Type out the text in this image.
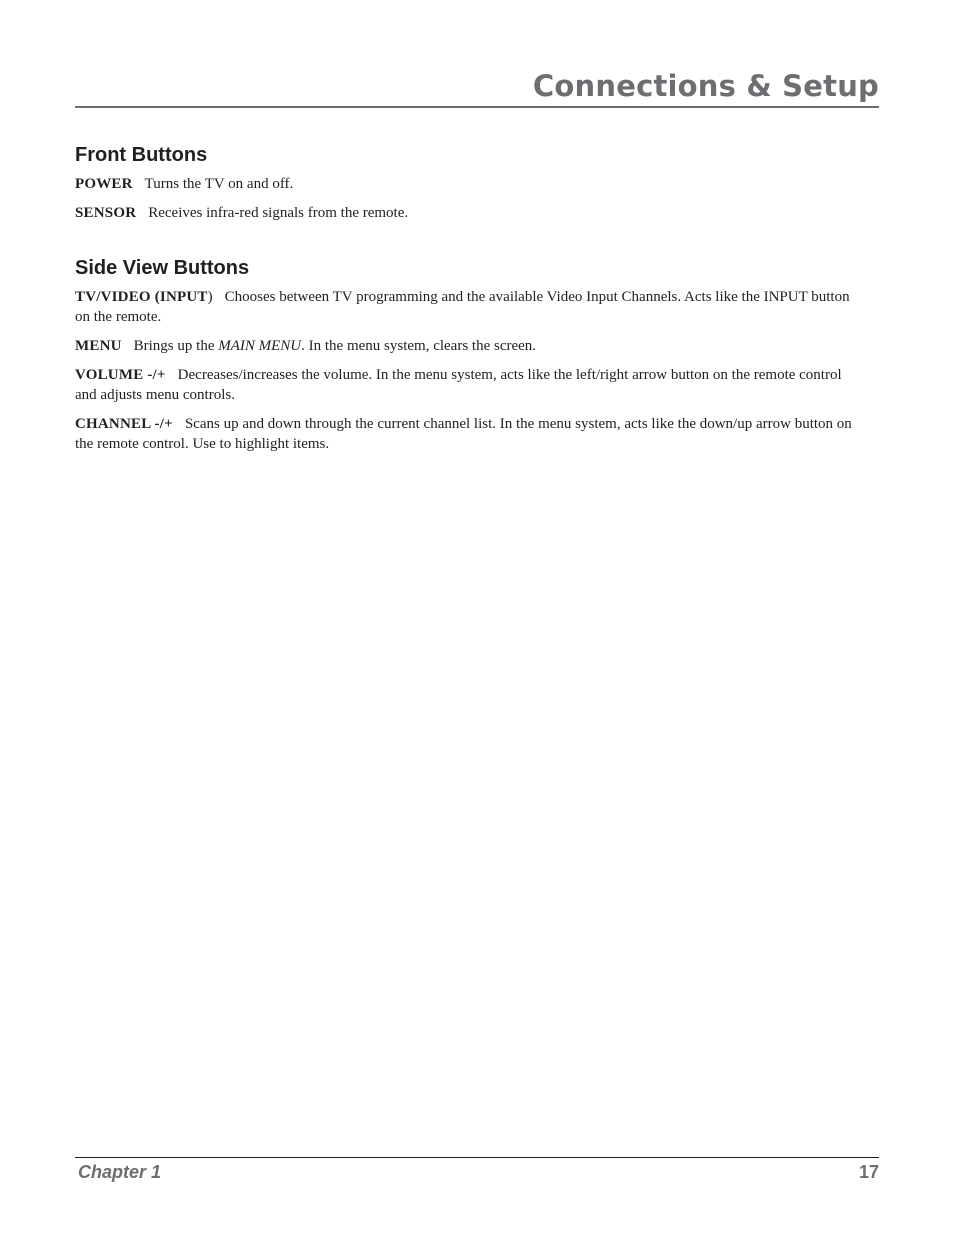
Connections & Setup
Front Buttons

POWER Turns the TV on and off.

SENSOR Receives infra-red signals from the remote.

Side View Buttons

TV/VIDEO (INPUT) Chooses between TV programming and the available Video Input Channels. Acts like the INPUT button on the remote.

MENU Brings up the MAIN MENU. In the menu system, clears the screen.

VOLUME -/+ Decreases/increases the volume. In the menu system, acts like the left/right arrow button on the remote control and adjusts menu controls.

CHANNEL -/+ Scans up and down through the current channel list. In the menu system, acts like the down/up arrow button on the remote control. Use to highlight items.

Chapter 1	17
